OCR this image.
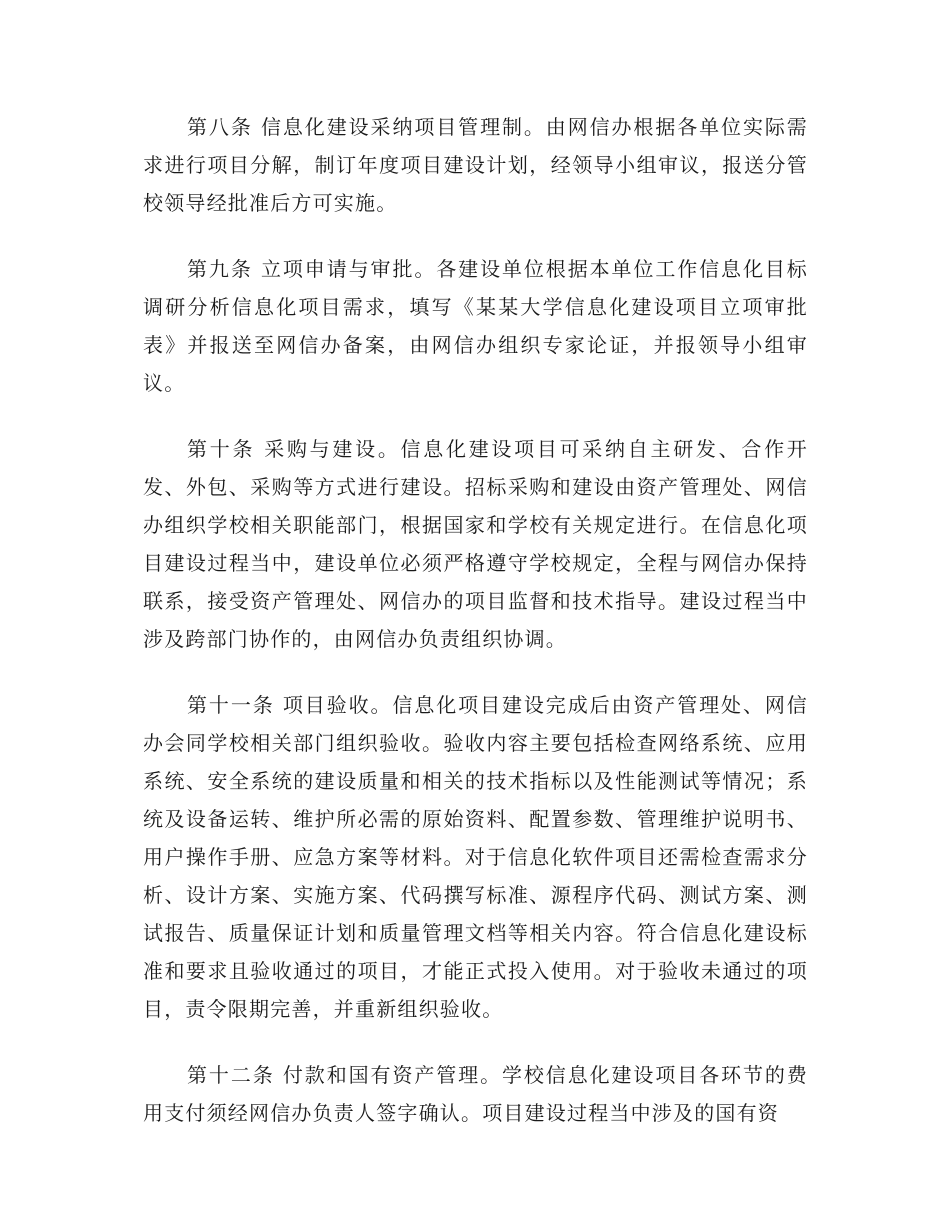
第八条 信息化建设采纳项目管理制。由网信办根据各单位实际需求进行项目分解，制订年度项目建设计划，经领导小组审议，报送分管校领导经批准后方可实施。

第九条 立项申请与审批。各建设单位根据本单位工作信息化目标调研分析信息化项目需求，填写《某某大学信息化建设项目立项审批表》并报送至网信办备案，由网信办组织专家论证，并报领导小组审议。

第十条 采购与建设。信息化建设项目可采纳自主研发、合作开发、外包、采购等方式进行建设。招标采购和建设由资产管理处、网信办组织学校相关职能部门，根据国家和学校有关规定进行。在信息化项目建设过程当中，建设单位必须严格遵守学校规定，全程与网信办保持联系，接受资产管理处、网信办的项目监督和技术指导。建设过程当中涉及跨部门协作的，由网信办负责组织协调。

第十一条 项目验收。信息化项目建设完成后由资产管理处、网信办会同学校相关部门组织验收。验收内容主要包括检查网络系统、应用系统、安全系统的建设质量和相关的技术指标以及性能测试等情况；系统及设备运转、维护所必需的原始资料、配置参数、管理维护说明书、用户操作手册、应急方案等材料。对于信息化软件项目还需检查需求分析、设计方案、实施方案、代码撰写标准、源程序代码、测试方案、测试报告、质量保证计划和质量管理文档等相关内容。符合信息化建设标准和要求且验收通过的项目，才能正式投入使用。对于验收未通过的项目，责令限期完善，并重新组织验收。

第十二条 付款和国有资产管理。学校信息化建设项目各环节的费用支付须经网信办负责人签字确认。项目建设过程当中涉及的国有资
